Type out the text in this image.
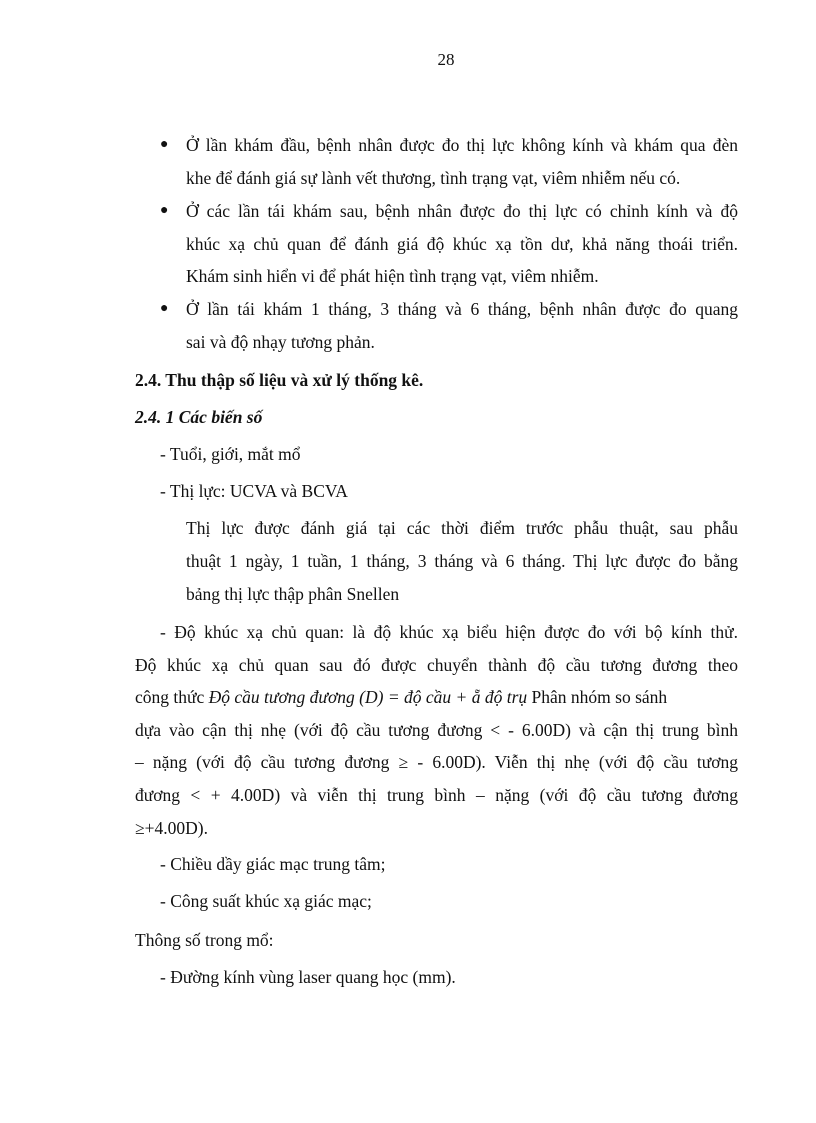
28
● Ở lần khám đầu, bệnh nhân được đo thị lực không kính và khám qua đèn
khe để đánh giá sự lành vết thương, tình trạng vạt, viêm nhiễm nếu có.
● Ở các lần tái khám sau, bệnh nhân được đo thị lực có chỉnh kính và độ
khúc xạ chủ quan để đánh giá độ khúc xạ tồn dư, khả năng thoái triển.
Khám sinh hiển vi để phát hiện tình trạng vạt, viêm nhiễm.
● Ở lần tái khám 1 tháng, 3 tháng và 6 tháng, bệnh nhân được đo quang
sai và độ nhạy tương phản.
2.4. Thu thập số liệu và xử lý thống kê.
2.4. 1 Các biến số
- Tuổi, giới, mắt mổ
- Thị lực: UCVA và BCVA
Thị lực được đánh giá tại các thời điểm trước phẫu thuật, sau phẫu
thuật 1 ngày, 1 tuần, 1 tháng, 3 tháng và 6 tháng. Thị lực được đo bằng
bảng thị lực thập phân Snellen
- Độ khúc xạ chủ quan: là độ khúc xạ biểu hiện được đo với bộ kính thử.
Độ khúc xạ chủ quan sau đó được chuyển thành độ cầu tương đương theo
công thức Độ cầu tương đương (D) = độ cầu + ẵ độ trụ Phân nhóm so sánh
dựa vào cận thị nhẹ (với độ cầu tương đương < - 6.00D) và cận thị trung bình
– nặng (với độ cầu tương đương ≥ - 6.00D). Viễn thị nhẹ (với độ cầu tương
đương < + 4.00D) và viễn thị trung bình – nặng (với độ cầu tương đương
≥+4.00D).
- Chiều dầy giác mạc trung tâm;
- Công suất khúc xạ giác mạc;
Thông số trong mổ:
- Đường kính vùng laser quang học (mm).
